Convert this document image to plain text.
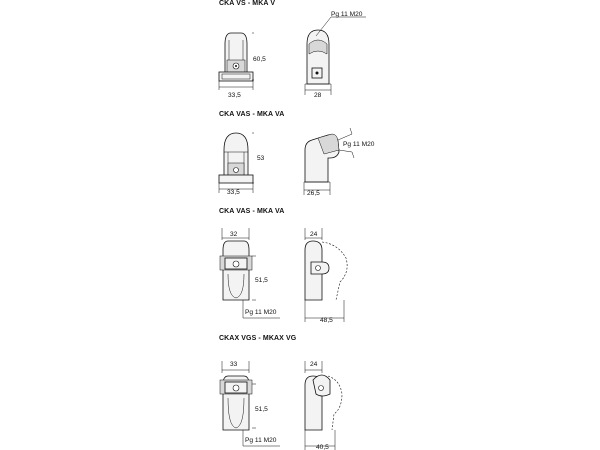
CKA VS - MKA V
CKA VAS - MKA VA
CKA VAS - MKA VA
CKAX VGS - MKAX VG
33,5
60,5
Pg 11 M20
28
33,5
53
Pg 11 M20
26,5
32
51,5
Pg 11 M20
24
48,5
33
51,5
Pg 11 M20
24
40,5
